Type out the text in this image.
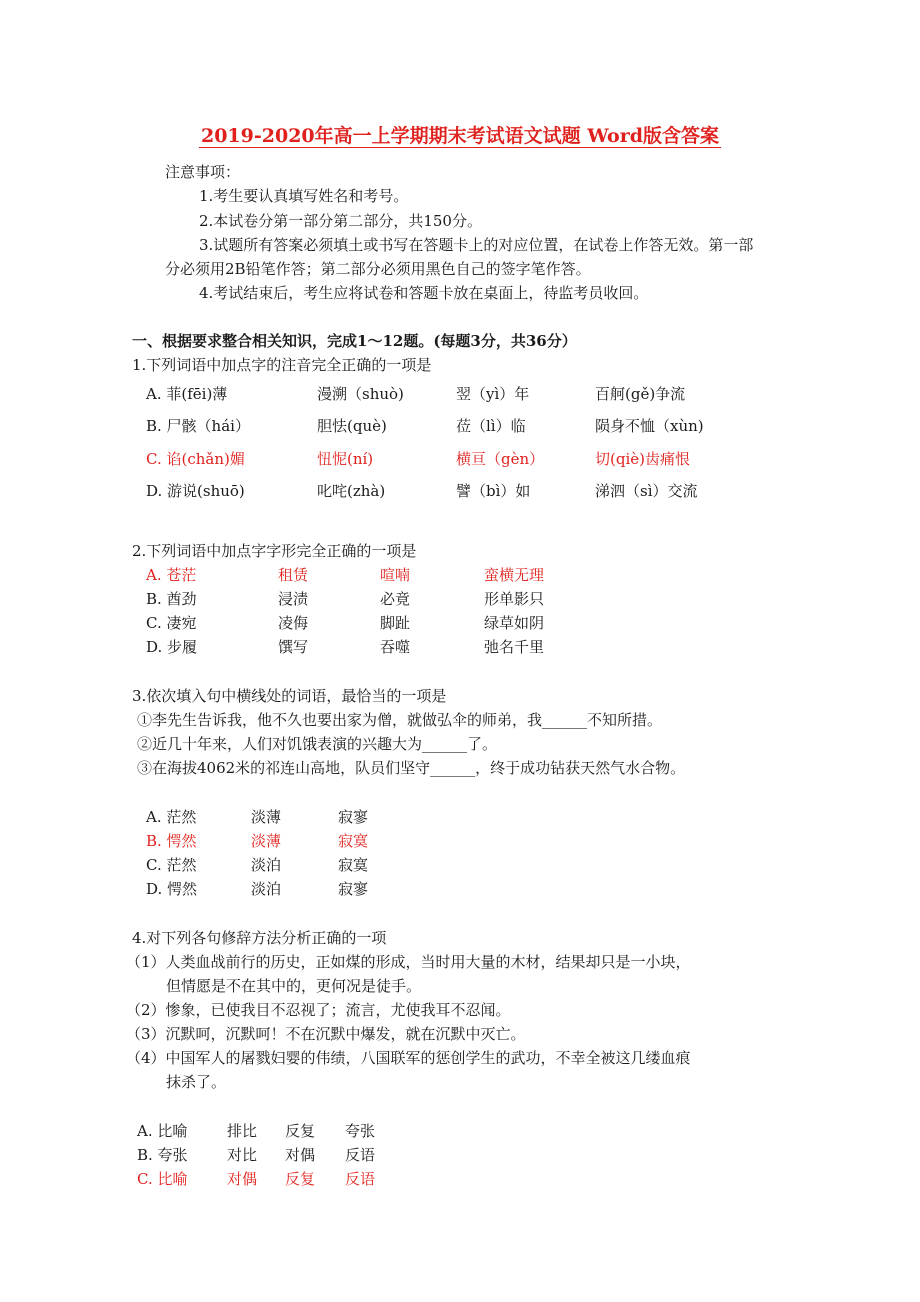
2019-2020年高一上学期期末考试语文试题 Word版含答案
注意事项：
1.考生要认真填写姓名和考号。
2.本试卷分第一部分第二部分，共150分。
3.试题所有答案必须填土或书写在答题卡上的对应位置，在试卷上作答无效。第一部
分必须用2B铅笔作答；第二部分必须用黑色自己的签字笔作答。
4.考试结束后，考生应将试卷和答题卡放在桌面上，待监考员收回。
一、根据要求整合相关知识，完成1～12题。(每题3分，共36分）
1.下列词语中加点字的注音完全正确的一项是
A. 菲(fēi)薄	漫溯（shuò)	翌（yì）年	百舸(gě)争流
B. 尸骸（hái）	胆怯(què)	莅（lì）临	陨身不恤（xùn)
C. 谄(chǎn)媚	忸怩(ní)	横亘（gèn）	切(qiè)齿痛恨
D. 游说(shuō)	叱咤(zhà)	譬（bì）如	涕泗（sì）交流
2.下列词语中加点字字形完全正确的一项是
A. 苍茫	租赁	喧喃	蛮横无理
B. 酋劲	浸渍	必竟	形单影只
C. 凄宛	凌侮	脚趾	绿草如阴
D. 步履	馔写	吞噬	弛名千里
3.依次填入句中横线处的词语，最恰当的一项是
①李先生告诉我，他不久也要出家为僧，就做弘伞的师弟，我______不知所措。
②近几十年来，人们对饥饿表演的兴趣大为______了。
③在海拔4062米的祁连山高地，队员们坚守______，终于成功钻获天然气水合物。
A. 茫然	淡薄	寂寥
B. 愕然	淡薄	寂寞
C. 茫然	淡泊	寂寞
D. 愕然	淡泊	寂寥
4.对下列各句修辞方法分析正确的一项
（1）人类血战前行的历史，正如煤的形成，当时用大量的木材，结果却只是一小块，
但情愿是不在其中的，更何况是徒手。
（2）惨象，已使我目不忍视了；流言，尤使我耳不忍闻。
（3）沉默呵，沉默呵！不在沉默中爆发，就在沉默中灭亡。
（4）中国军人的屠戮妇婴的伟绩，八国联军的惩创学生的武功，不幸全被这几缕血痕
抹杀了。
A. 比喻	排比 反复 夸张
B. 夸张	对比 对偶 反语
C. 比喻	对偶 反复 反语
